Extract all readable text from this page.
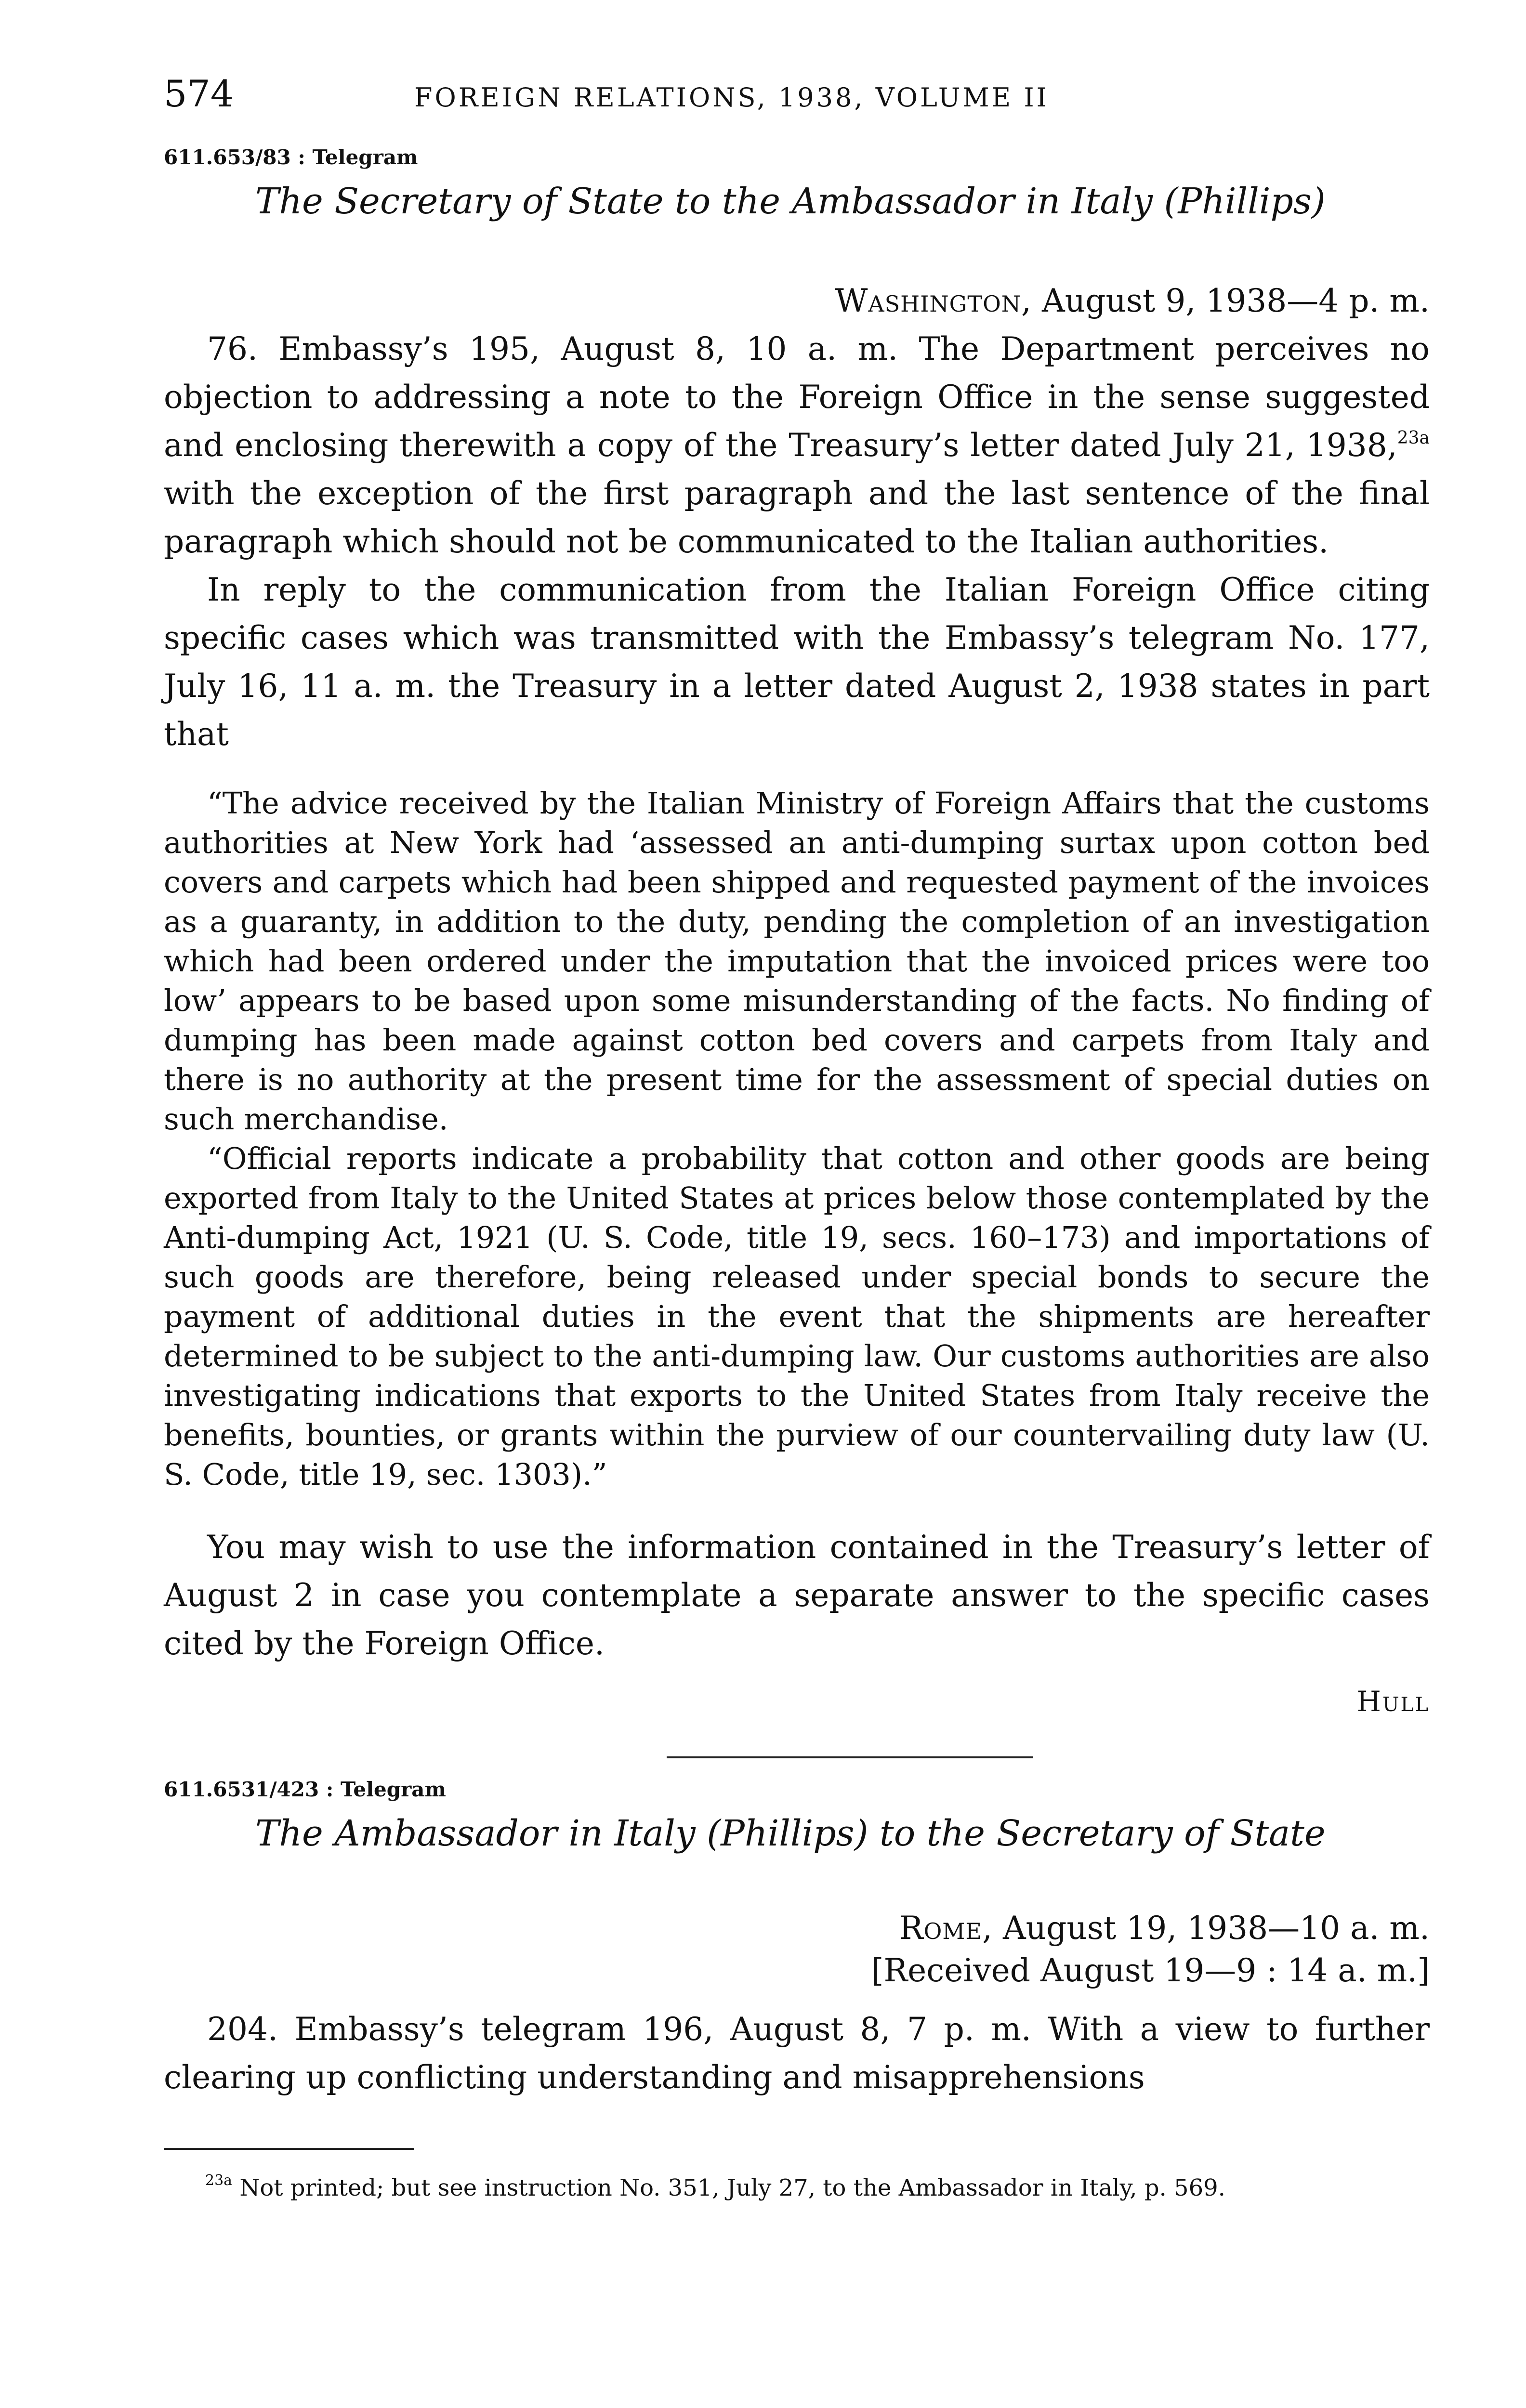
574	FOREIGN RELATIONS, 1938, VOLUME II
611.653/83 : Telegram
The Secretary of State to the Ambassador in Italy (Phillips)
Washington, August 9, 1938—4 p. m.

76. Embassy’s 195, August 8, 10 a. m. The Department perceives no objection to addressing a note to the Foreign Office in the sense suggested and enclosing therewith a copy of the Treasury’s letter dated July 21, 1938,$^{23a}$ with the exception of the first paragraph and the last sentence of the final paragraph which should not be communicated to the Italian authorities.

In reply to the communication from the Italian Foreign Office citing specific cases which was transmitted with the Embassy’s telegram No. 177, July 16, 11 a. m. the Treasury in a letter dated August 2, 1938 states in part that

“The advice received by the Italian Ministry of Foreign Affairs that the customs authorities at New York had ‘assessed an anti-dumping surtax upon cotton bed covers and carpets which had been shipped and requested payment of the invoices as a guaranty, in addition to the duty, pending the completion of an investigation which had been ordered under the imputation that the invoiced prices were too low’ appears to be based upon some misunderstanding of the facts. No finding of dumping has been made against cotton bed covers and carpets from Italy and there is no authority at the present time for the assessment of special duties on such merchandise.

“Official reports indicate a probability that cotton and other goods are being exported from Italy to the United States at prices below those contemplated by the Anti-dumping Act, 1921 (U. S. Code, title 19, secs. 160–173) and importations of such goods are therefore, being released under special bonds to secure the payment of additional duties in the event that the shipments are hereafter determined to be subject to the anti-dumping law. Our customs authorities are also investigating indications that exports to the United States from Italy receive the benefits, bounties, or grants within the purview of our countervailing duty law (U. S. Code, title 19, sec. 1303).”

You may wish to use the information contained in the Treasury’s letter of August 2 in case you contemplate a separate answer to the specific cases cited by the Foreign Office.

Hull
611.6531/423 : Telegram
The Ambassador in Italy (Phillips) to the Secretary of State
Rome, August 19, 1938—10 a. m.
[Received August 19—9 : 14 a. m.]

204. Embassy’s telegram 196, August 8, 7 p. m. With a view to further clearing up conflicting understanding and misapprehensions

$^{23a}$ Not printed; but see instruction No. 351, July 27, to the Ambassador in Italy, p. 569.
